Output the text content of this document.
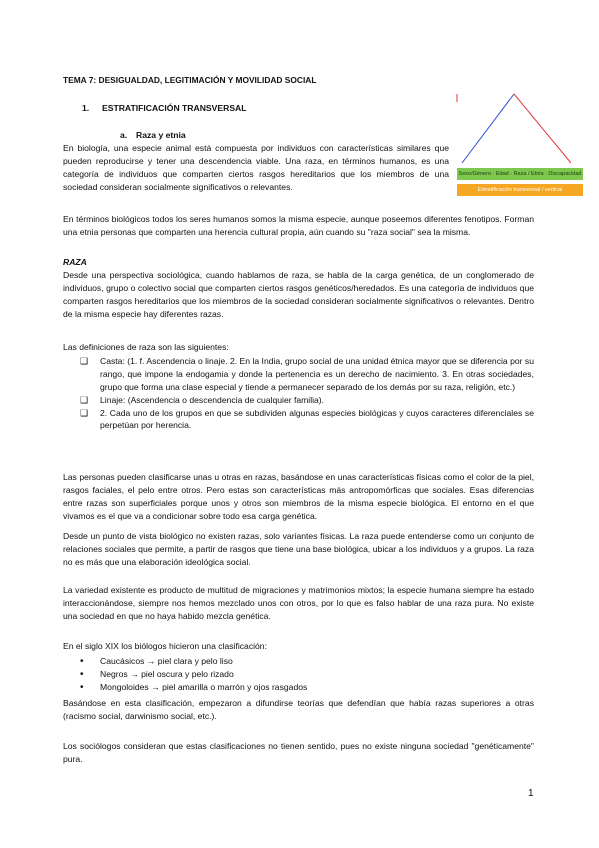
TEMA 7: DESIGUALDAD, LEGITIMACIÓN Y MOVILIDAD SOCIAL
1. ESTRATIFICACIÓN TRANSVERSAL
a. Raza y etnia
Sexo/Género · Edad · Raza / Etnia · Discapacidad
Estratificación transversal / vertical
En biología, una especie animal está compuesta por individuos con características similares que pueden reproducirse y tener una descendencia viable. Una raza, en términos humanos, es una categoría de individuos que comparten ciertos rasgos hereditarios que los miembros de una sociedad consideran socialmente significativos o relevantes.
En términos biológicos todos los seres humanos somos la misma especie, aunque poseemos diferentes fenotipos. Forman una etnia personas que comparten una herencia cultural propia, aún cuando su "raza social" sea la misma.
RAZA
Desde una perspectiva sociológica, cuando hablamos de raza, se habla de la carga genética, de un conglomerado de individuos, grupo o colectivo social que comparten ciertos rasgos genéticos/heredados. Es una categoría de individuos que comparten rasgos hereditarios que los miembros de la sociedad consideran socialmente significativos o relevantes. Dentro de la misma especie hay diferentes razas.
Las definiciones de raza son las siguientes:
❑ Casta: (1. f. Ascendencia o linaje. 2. En la India, grupo social de una unidad étnica mayor que se diferencia por su rango, que impone la endogamia y donde la pertenencia es un derecho de nacimiento. 3. En otras sociedades, grupo que forma una clase especial y tiende a permanecer separado de los demás por su raza, religión, etc.)
❑ Linaje: (Ascendencia o descendencia de cualquier familia).
❑ 2. Cada uno de los grupos en que se subdividen algunas especies biológicas y cuyos caracteres diferenciales se perpetúan por herencia.
Las personas pueden clasificarse unas u otras en razas, basándose en unas características físicas como el color de la piel, rasgos faciales, el pelo entre otros. Pero estas son características más antropomórficas que sociales. Esas diferencias entre razas son superficiales porque unos y otros son miembros de la misma especie biológica. El entorno en el que vivamos es el que va a condicionar sobre todo esa carga genética.
Desde un punto de vista biológico no existen razas, solo variantes físicas. La raza puede entenderse como un conjunto de relaciones sociales que permite, a partir de rasgos que tiene una base biológica, ubicar a los individuos y a grupos. La raza no es más que una elaboración ideológica social.
La variedad existente es producto de multitud de migraciones y matrimonios mixtos; la especie humana siempre ha estado interaccionándose, siempre nos hemos mezclado unos con otros, por lo que es falso hablar de una raza pura. No existe una sociedad en que no haya habido mezcla genética.
En el siglo XIX los biólogos hicieron una clasificación:
• Caucásicos → piel clara y pelo liso
• Negros → piel oscura y pelo rizado
• Mongoloides → piel amarilla o marrón y ojos rasgados
Basándose en esta clasificación, empezaron a difundirse teorías que defendían que había razas superiores a otras (racismo social, darwinismo social, etc.).
Los sociólogos consideran que estas clasificaciones no tienen sentido, pues no existe ninguna sociedad "genéticamente" pura.
1
